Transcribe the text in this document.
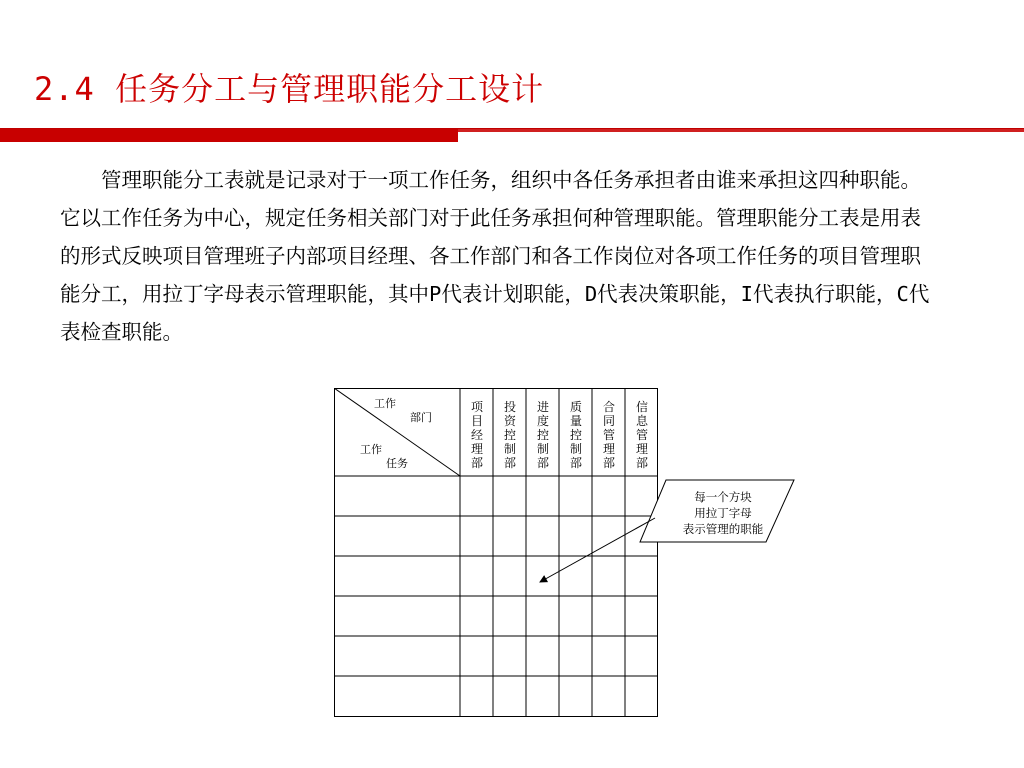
2.4 任务分工与管理职能分工设计

管理职能分工表就是记录对于一项工作任务，组织中各任务承担者由谁来承担这四种职能。它以工作任务为中心，规定任务相关部门对于此任务承担何种管理职能。管理职能分工表是用表的形式反映项目管理班子内部项目经理、各工作部门和各工作岗位对各项工作任务的项目管理职能分工，用拉丁字母表示管理职能，其中P代表计划职能，D代表决策职能，I代表执行职能，C代表检查职能。

工作
部门
工作
任务
项
目
经
理
部
投
资
控
制
部
进
度
控
制
部
质
量
控
制
部
合
同
管
理
部
信
息
管
理
部
每一个方块
用拉丁字母
表示管理的职能
